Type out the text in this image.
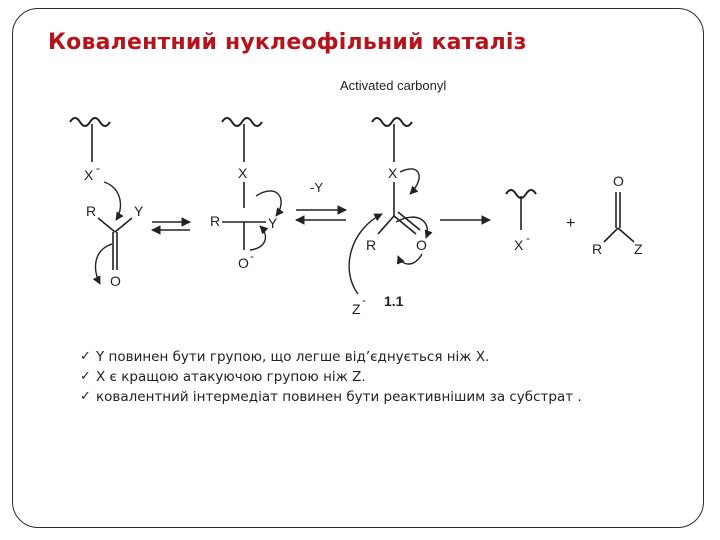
Ковалентний нуклеофільний каталіз
Activated carbonyl
X -
R	Y
O
X
R	Y
O -
-Y
X
R	O
Z
- 1.1
X -
+
O
R Z
✓ Y повинен бути групою, що легше від’єднується ніж X.
✓ X є кращою атакуючою групою ніж Z.
✓ ковалентний інтермедіат повинен бути реактивнішим за субстрат .
